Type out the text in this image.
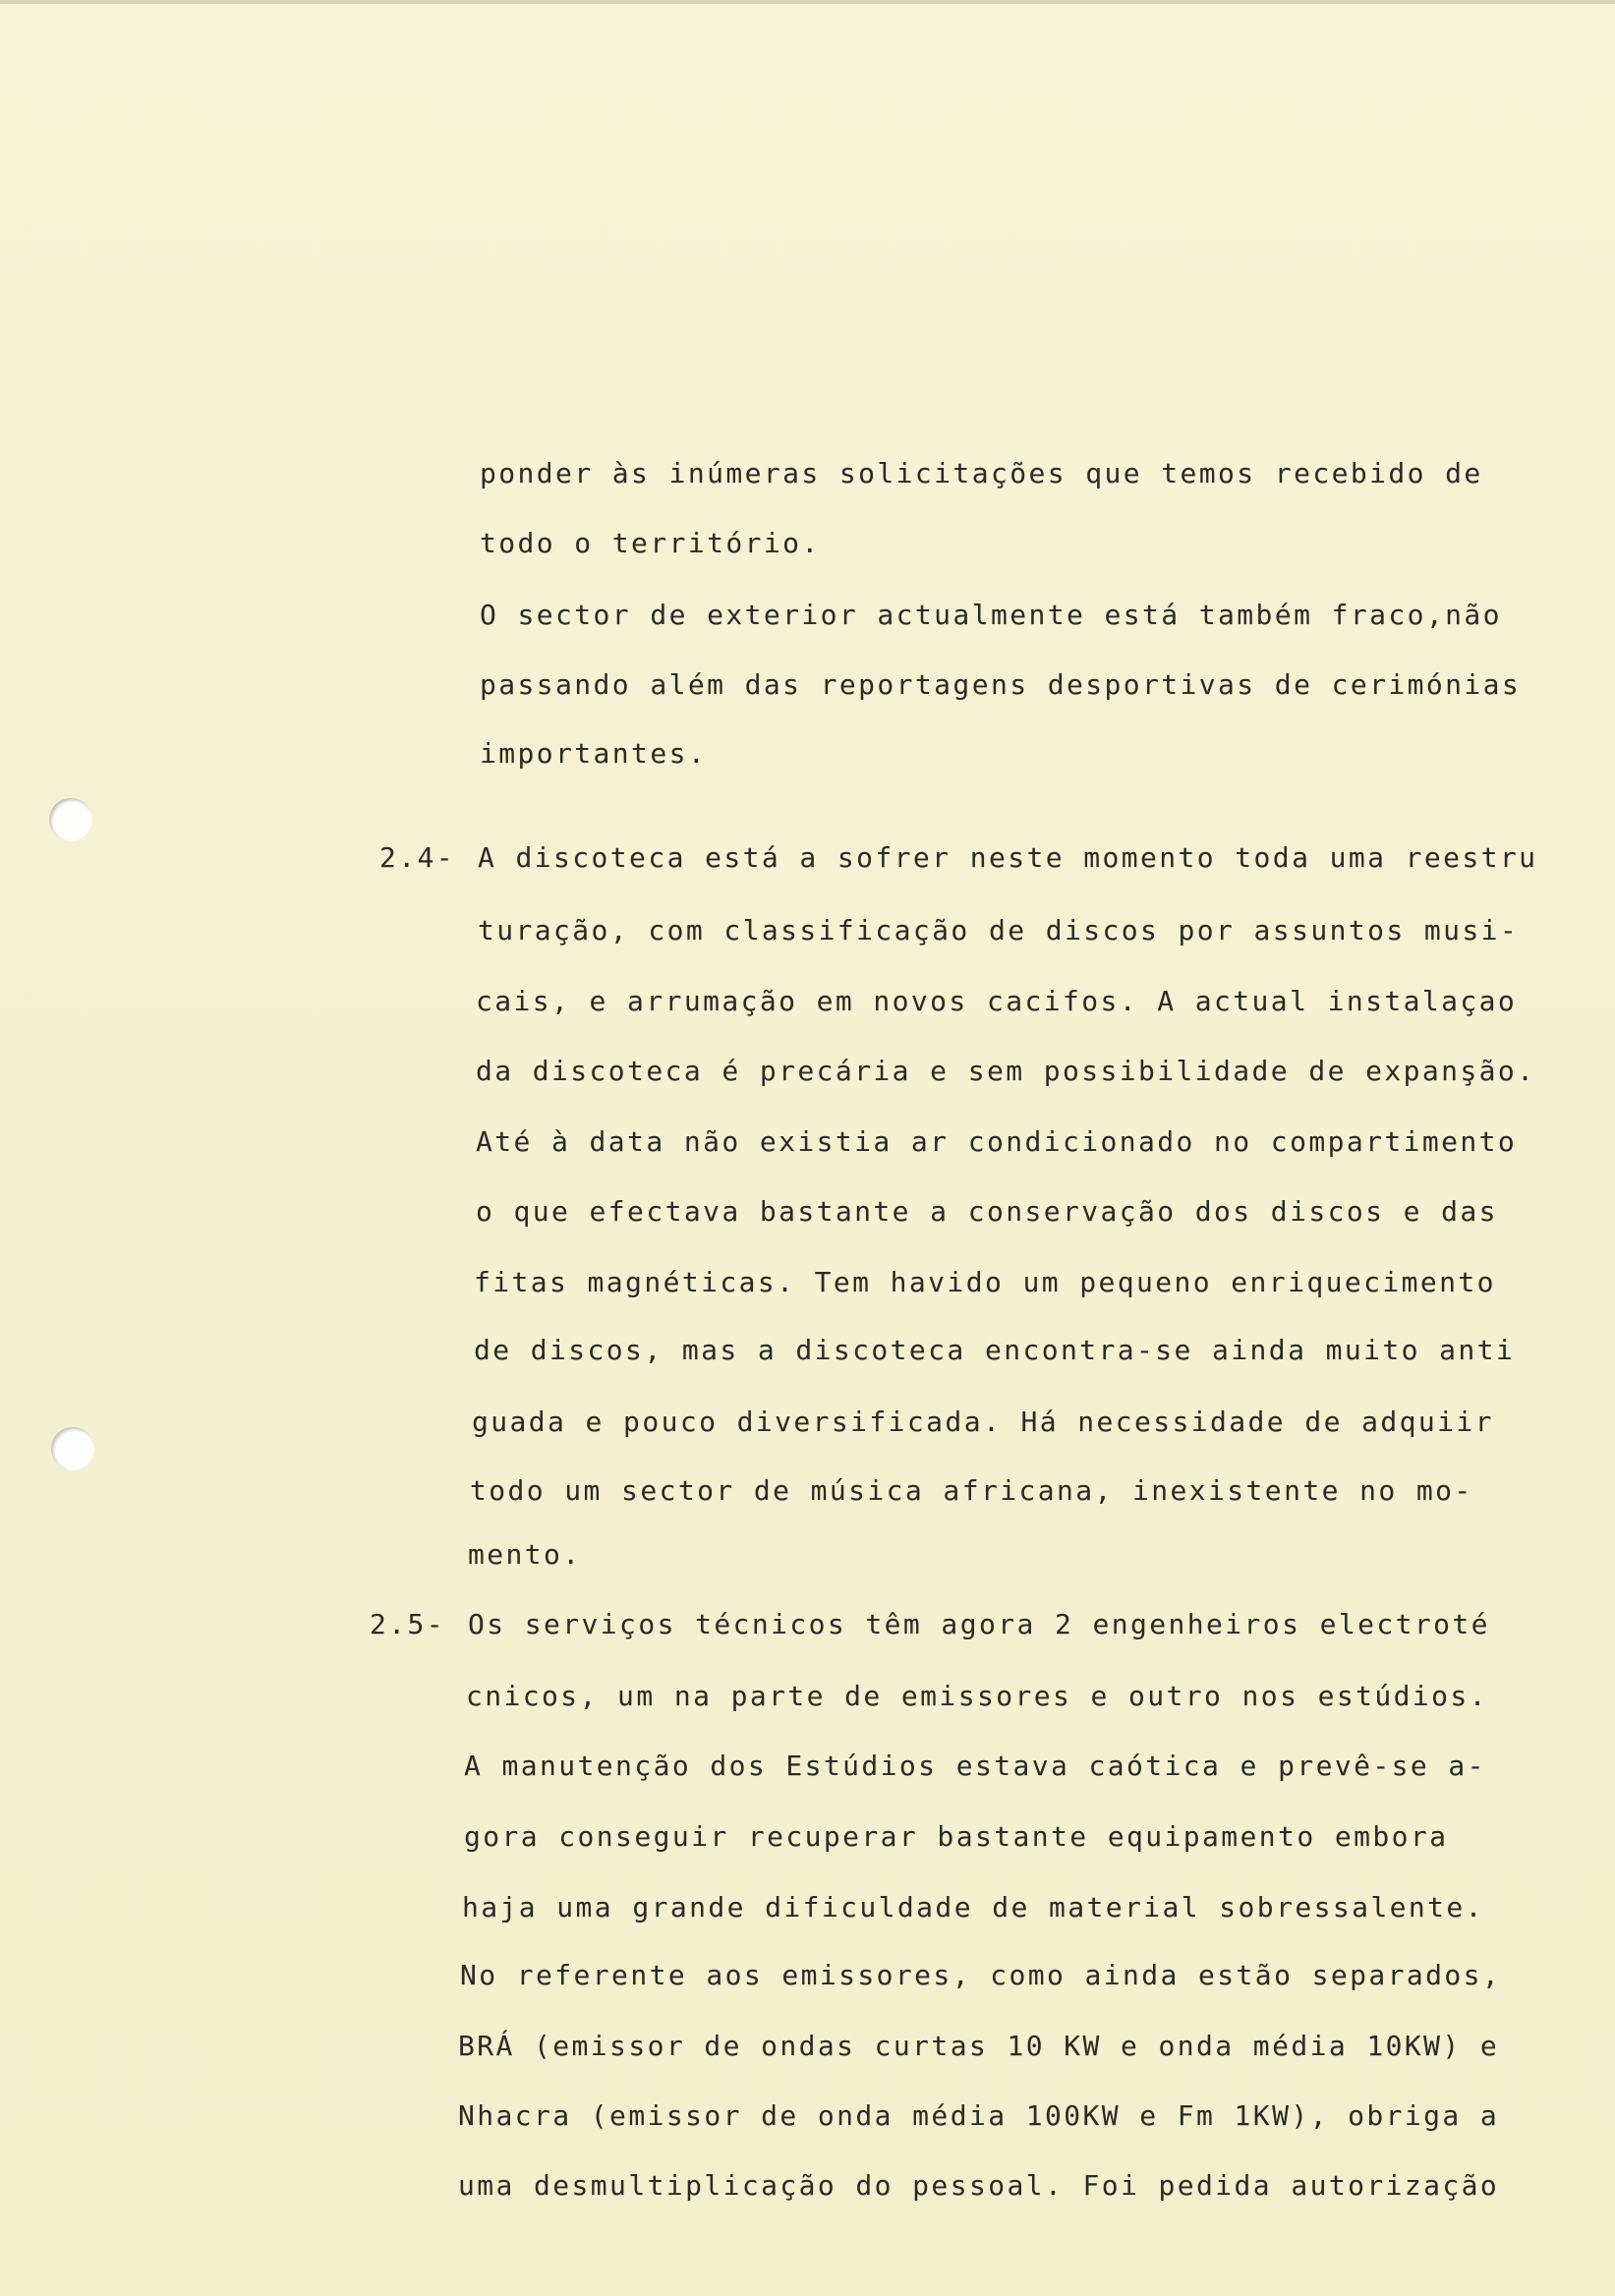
ponder às inúmeras solicitações que temos recebido de
todo o território.
O sector de exterior actualmente está também fraco,não
passando além das reportagens desportivas de cerimónias
importantes.
2.4- A discoteca está a sofrer neste momento toda uma reestru
turação, com classificação de discos por assuntos musi-
cais, e arrumação em novos cacifos. A actual instalaçao
da discoteca é precária e sem possibilidade de expanşão.
Até à data não existia ar condicionado no compartimento
o que efectava bastante a conservação dos discos e das
fitas magnéticas. Tem havido um pequeno enriquecimento
de discos, mas a discoteca encontra-se ainda muito anti
guada e pouco diversificada. Há necessidade de adquiir
todo um sector de música africana, inexistente no mo-
mento.
2.5- Os serviços técnicos têm agora 2 engenheiros electroté
cnicos, um na parte de emissores e outro nos estúdios.
A manutenção dos Estúdios estava caótica e prevê-se a-
gora conseguir recuperar bastante equipamento embora
haja uma grande dificuldade de material sobressalente.
No referente aos emissores, como ainda estão separados,
BRÁ (emissor de ondas curtas 10 KW e onda média 10KW) e
Nhacra (emissor de onda média 100KW e Fm 1KW), obriga a
uma desmultiplicação do pessoal. Foi pedida autorização
